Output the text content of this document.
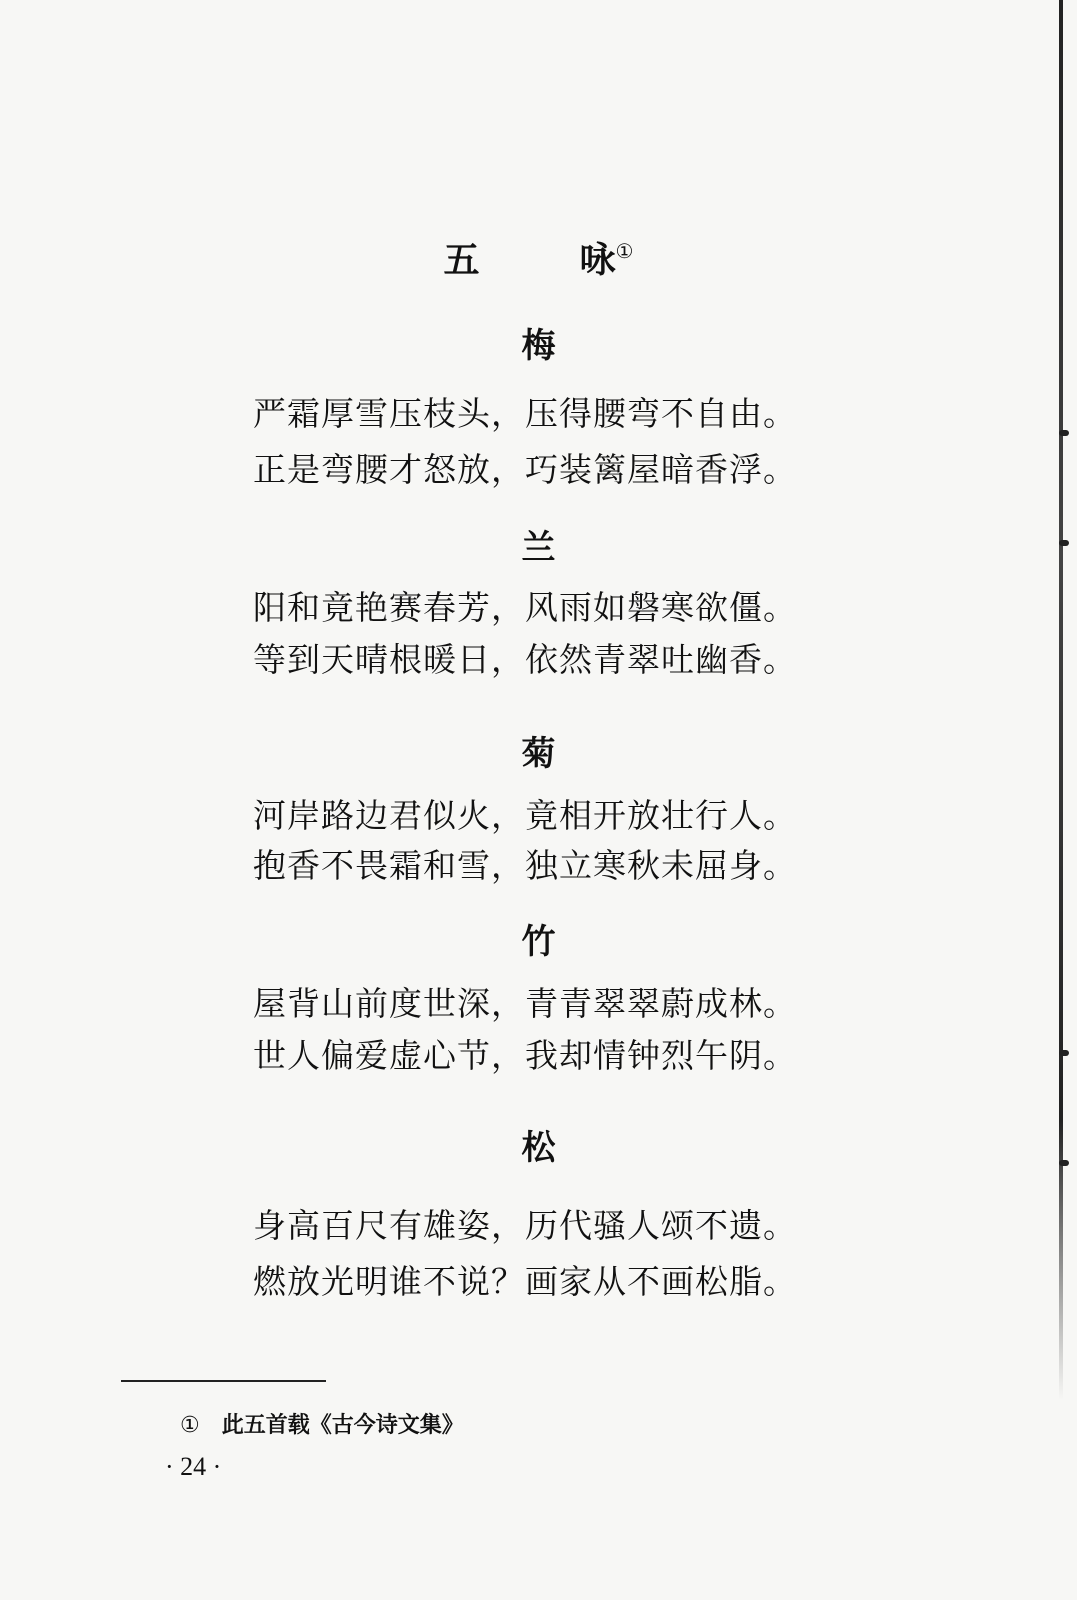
五	咏①
梅
严霜厚雪压枝头，压得腰弯不自由。
正是弯腰才怒放，巧装篱屋暗香浮。
兰
阳和竟艳赛春芳，风雨如磐寒欲僵。
等到天晴根暖日，依然青翠吐幽香。
菊
河岸路边君似火，竟相开放壮行人。
抱香不畏霜和雪，独立寒秋未屈身。
竹
屋背山前度世深，青青翠翠蔚成林。
世人偏爱虚心节，我却情钟烈午阴。
松
身高百尺有雄姿，历代骚人颂不遗。
燃放光明谁不说？画家从不画松脂。
① 此五首载《古今诗文集》
· 24 ·
